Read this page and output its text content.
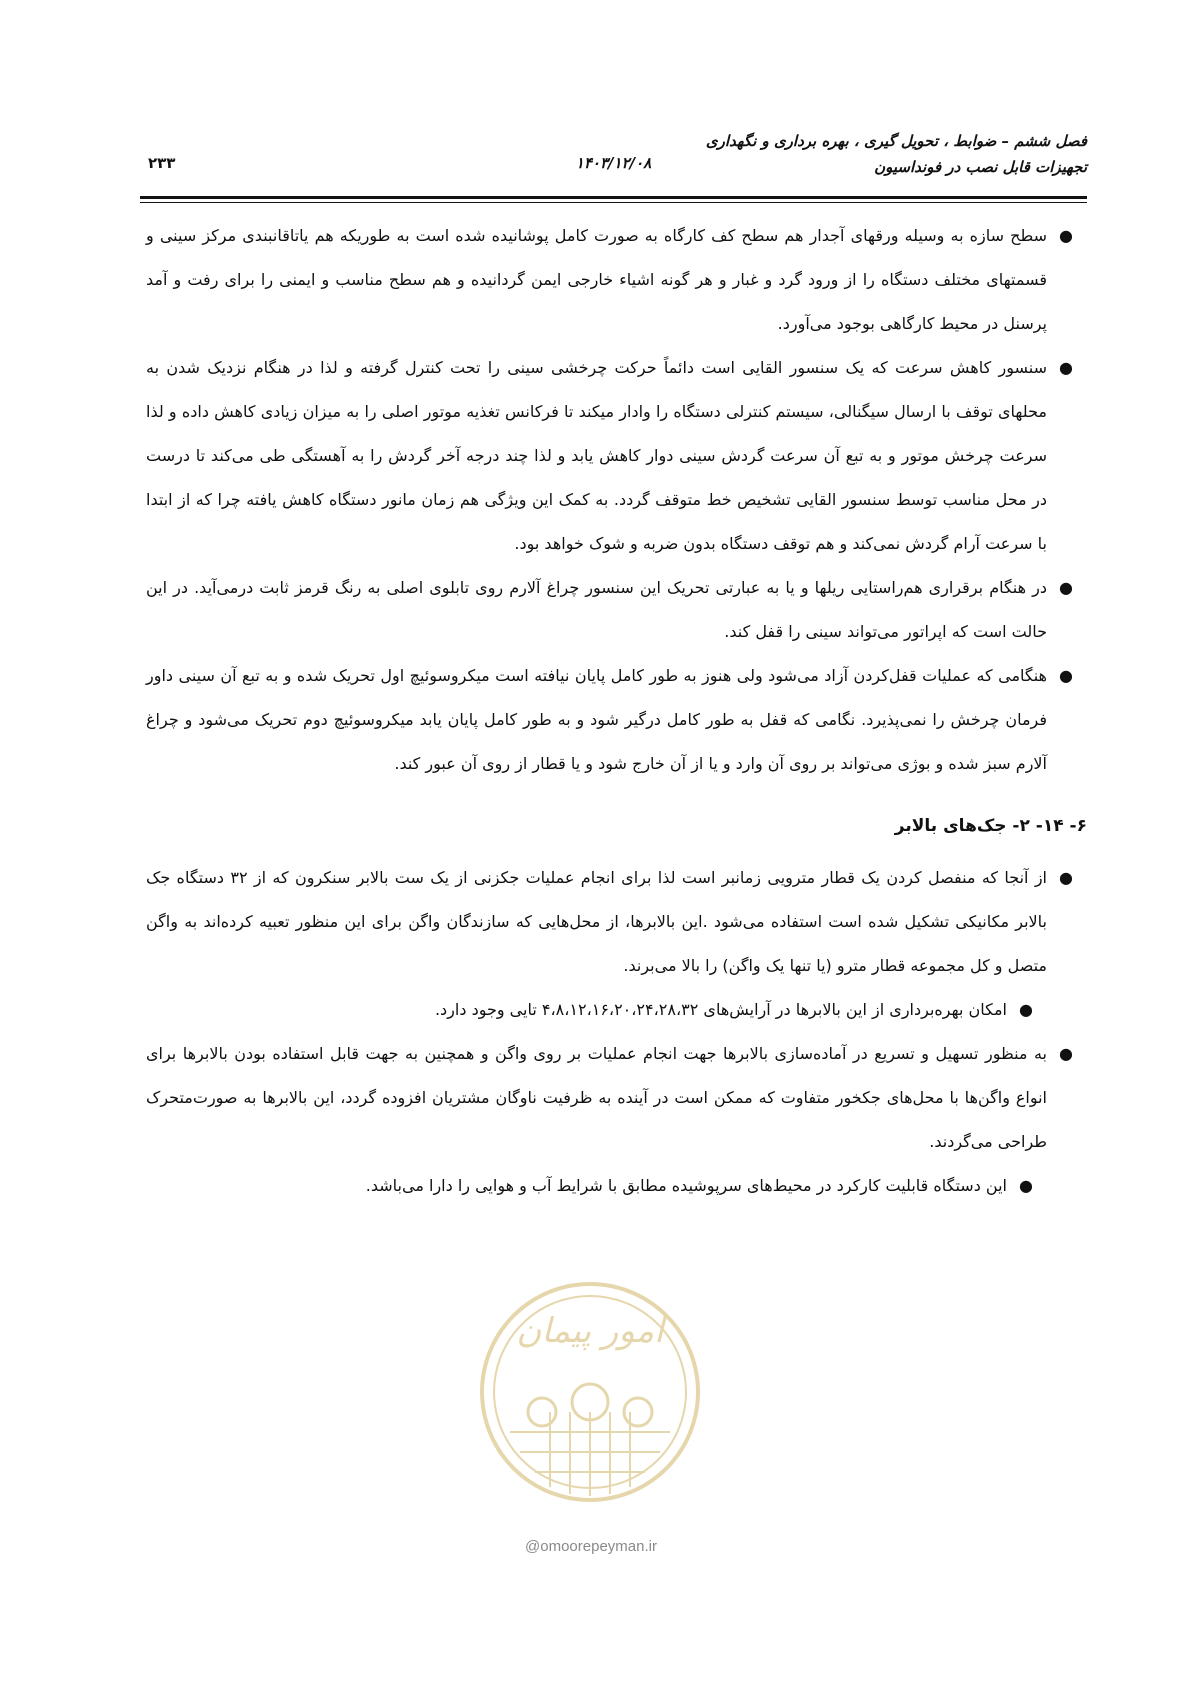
فصل ششم – ضوابط ، تحویل گیری ، بهره برداری و نگهداری
تجهیزات قابل نصب در فونداسیون
۱۴۰۳/۱۲/۰۸
۲۳۳
●
سطح سازه به وسیله ورقهای آجدار هم سطح کف کارگاه به صورت کامل پوشانیده شده است به طوریکه هم یاتاقانبندی مرکز سینی و قسمتهای مختلف دستگاه را از ورود گرد و غبار و هر گونه اشیاء خارجی ایمن گردانیده و هم سطح مناسب و ایمنی را برای رفت و آمد پرسنل در محیط کارگاهی بوجود می‌آورد.
●
سنسور کاهش سرعت که یک سنسور القایی است دائماً حرکت چرخشی سینی را تحت کنترل گرفته و لذا در هنگام نزدیک شدن به محلهای توقف با ارسال سیگنالی، سیستم کنترلی دستگاه را وادار میکند تا فرکانس تغذیه موتور اصلی را به میزان زیادی کاهش داده و لذا سرعت چرخش موتور و به تبع آن سرعت گردش سینی دوار کاهش یابد و لذا چند درجه آخر گردش را به آهستگی طی می‌کند تا درست در محل مناسب توسط سنسور القایی تشخیص خط متوقف گردد. به کمک این ویژگی هم زمان مانور دستگاه کاهش یافته چرا که از ابتدا با سرعت آرام گردش نمی‌کند و هم توقف دستگاه بدون ضربه و شوک خواهد بود.
●
در هنگام برقراری هم‌راستایی ریلها و یا به عبارتی تحریک این سنسور چراغ آلارم روی تابلوی اصلی به رنگ قرمز ثابت درمی‌آید. در این حالت است که اپراتور می‌تواند سینی را قفل کند.
●
هنگامی که عملیات قفل‌کردن آزاد می‌شود ولی هنوز به طور کامل پایان نیافته است میکروسوئیچ اول تحریک شده و به تبع آن سینی داور فرمان چرخش را نمی‌پذیرد. نگامی که قفل به طور کامل درگیر شود و به طور کامل پایان یابد میکروسوئیچ دوم تحریک می‌شود و چراغ آلارم سبز شده و بوژی می‌تواند بر روی آن وارد و یا از آن خارج شود و یا قطار از روی آن عبور کند.
۶- ۱۴- ۲- جک‌های بالابر
●
از آنجا که منفصل کردن یک قطار مترویی زمانبر است لذا برای انجام عملیات جکزنی از یک ست بالابر سنکرون که از ۳۲ دستگاه جک بالابر مکانیکی تشکیل شده است استفاده می‌شود .این بالابرها، از محل‌هایی که سازندگان واگن برای این منظور تعبیه کرده‌اند به واگن متصل و کل مجموعه قطار مترو (یا تنها یک واگن) را بالا می‌برند.
●
امکان بهره‌برداری از این بالابرها در آرایش‌های ۴،۸،۱۲،۱۶،۲۰،۲۴،۲۸،۳۲ تایی وجود دارد.
●
به منظور تسهیل و تسریع در آماده‌سازی بالابرها جهت انجام عملیات بر روی واگن و همچنین به جهت قابل استفاده بودن بالابرها برای انواع واگن‌ها با محل‌های جکخور متفاوت که ممکن است در آینده به ظرفیت ناوگان مشتریان افزوده گردد، این بالابرها به صورت‌متحرک طراحی می‌گردند.
●
این دستگاه قابلیت کارکرد در محیط‌های سرپوشیده مطابق با شرایط آب و هوایی را دارا می‌باشد.
امور پیمان
@omoorepeyman.ir
